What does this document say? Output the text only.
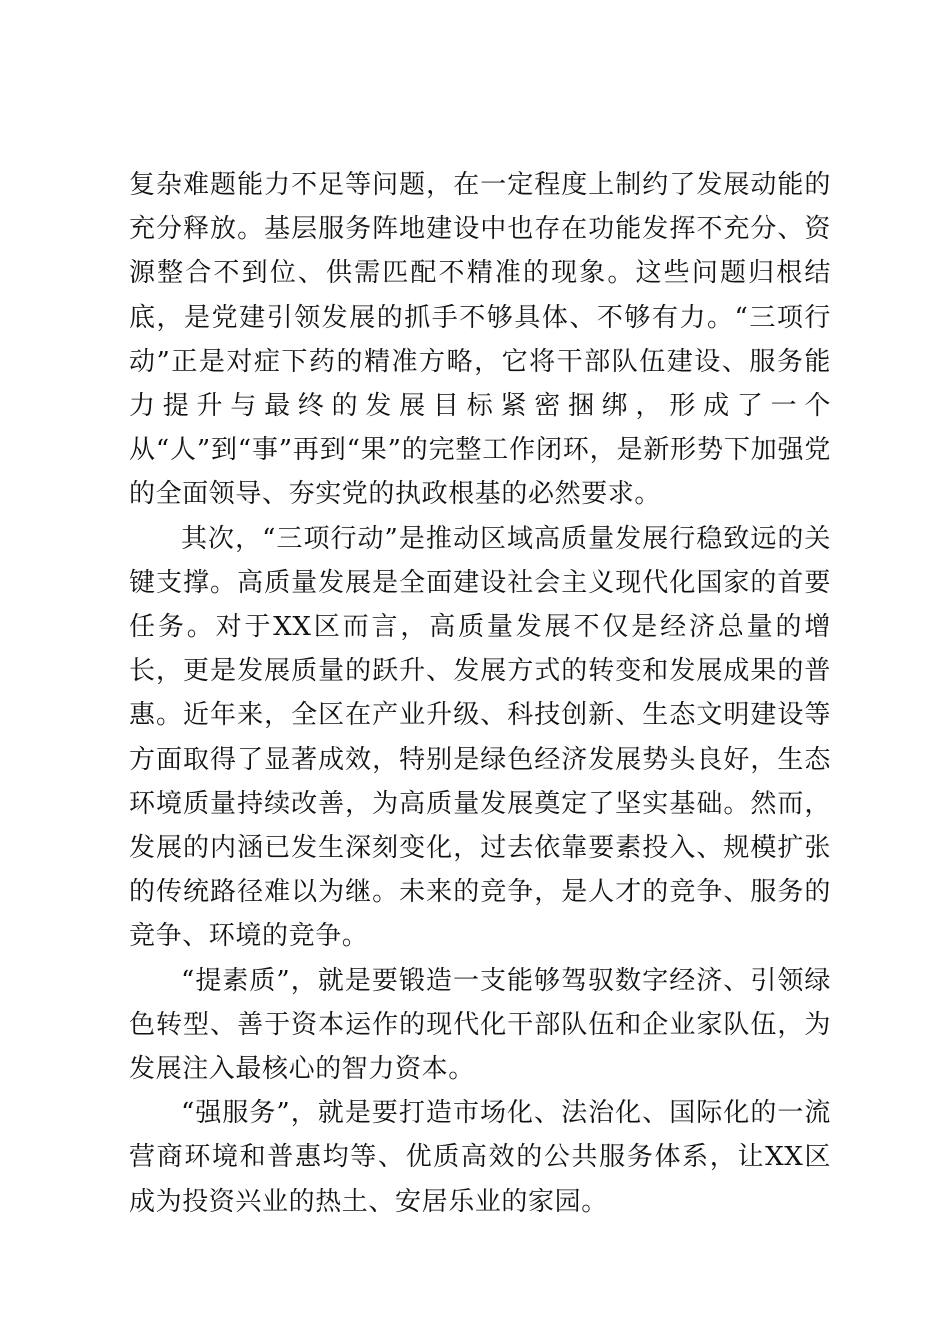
复杂难题能力不足等问题，在一定程度上制约了发展动能的充分释放。基层服务阵地建设中也存在功能发挥不充分、资源整合不到位、供需匹配不精准的现象。这些问题归根结底，是党建引领发展的抓手不够具体、不够有力。“三项行动”正是对症下药的精准方略，它将干部队伍建设、服务能力提升与最终的发展目标紧密捆绑，形成了一个从“人”到“事”再到“果”的完整工作闭环，是新形势下加强党的全面领导、夯实党的执政根基的必然要求。

其次，“三项行动”是推动区域高质量发展行稳致远的关键支撑。高质量发展是全面建设社会主义现代化国家的首要任务。对于XX区而言，高质量发展不仅是经济总量的增长，更是发展质量的跃升、发展方式的转变和发展成果的普惠。近年来，全区在产业升级、科技创新、生态文明建设等方面取得了显著成效，特别是绿色经济发展势头良好，生态环境质量持续改善，为高质量发展奠定了坚实基础。然而，发展的内涵已发生深刻变化，过去依靠要素投入、规模扩张的传统路径难以为继。未来的竞争，是人才的竞争、服务的竞争、环境的竞争。

“提素质”，就是要锻造一支能够驾驭数字经济、引领绿色转型、善于资本运作的现代化干部队伍和企业家队伍，为发展注入最核心的智力资本。

“强服务”，就是要打造市场化、法治化、国际化的一流营商环境和普惠均等、优质高效的公共服务体系，让XX区成为投资兴业的热土、安居乐业的家园。
